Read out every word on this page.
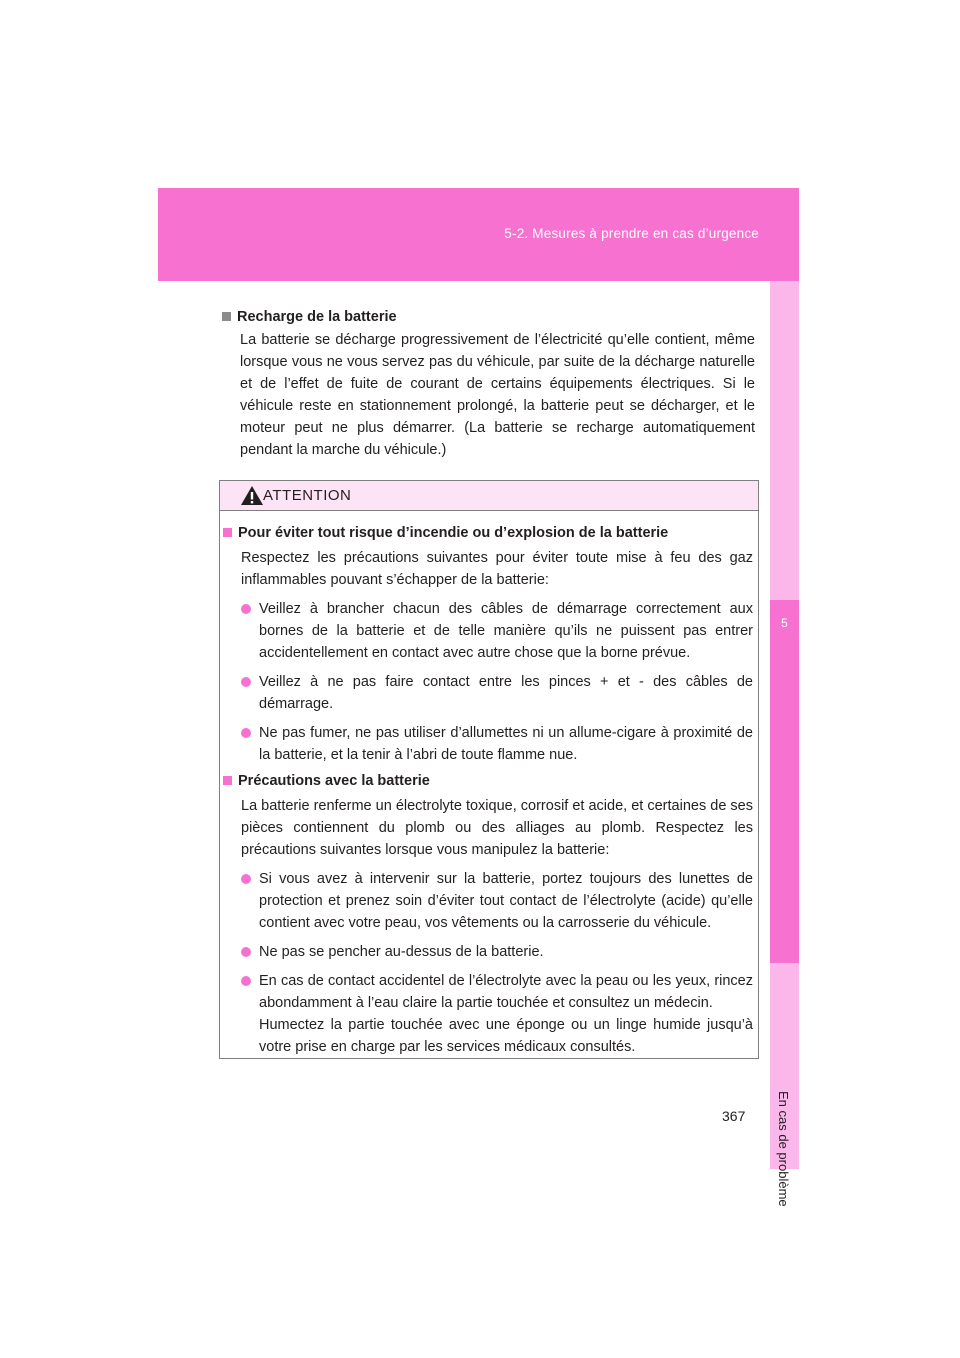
5-2. Mesures à prendre en cas d’urgence
En cas de problème
5

Recharge de la batterie

La batterie se décharge progressivement de l’électricité qu’elle contient, même lorsque vous ne vous servez pas du véhicule, par suite de la décharge naturelle et de l’effet de fuite de courant de certains équipements électriques. Si le véhicule reste en stationnement prolongé, la batterie peut se décharger, et le moteur peut ne plus démarrer. (La batterie se recharge automatiquement pendant la marche du véhicule.)

ATTENTION

Pour éviter tout risque d’incendie ou d’explosion de la batterie

Respectez les précautions suivantes pour éviter toute mise à feu des gaz inflammables pouvant s’échapper de la batterie:

Veillez à brancher chacun des câbles de démarrage correctement aux bornes de la batterie et de telle manière qu’ils ne puissent pas entrer accidentellement en contact avec autre chose que la borne prévue.
Veillez à ne pas faire contact entre les pinces + et - des câbles de démarrage.
Ne pas fumer, ne pas utiliser d’allumettes ni un allume-cigare à proximité de la batterie, et la tenir à l’abri de toute flamme nue.

Précautions avec la batterie

La batterie renferme un électrolyte toxique, corrosif et acide, et certaines de ses pièces contiennent du plomb ou des alliages au plomb. Respectez les précautions suivantes lorsque vous manipulez la batterie:

Si vous avez à intervenir sur la batterie, portez toujours des lunettes de protection et prenez soin d’éviter tout contact de l’électrolyte (acide) qu’elle contient avec votre peau, vos vêtements ou la carrosserie du véhicule.
Ne pas se pencher au-dessus de la batterie.
En cas de contact accidentel de l’électrolyte avec la peau ou les yeux, rincez abondamment à l’eau claire la partie touchée et consultez un médecin.
Humectez la partie touchée avec une éponge ou un linge humide jusqu’à votre prise en charge par les services médicaux consultés.
367
